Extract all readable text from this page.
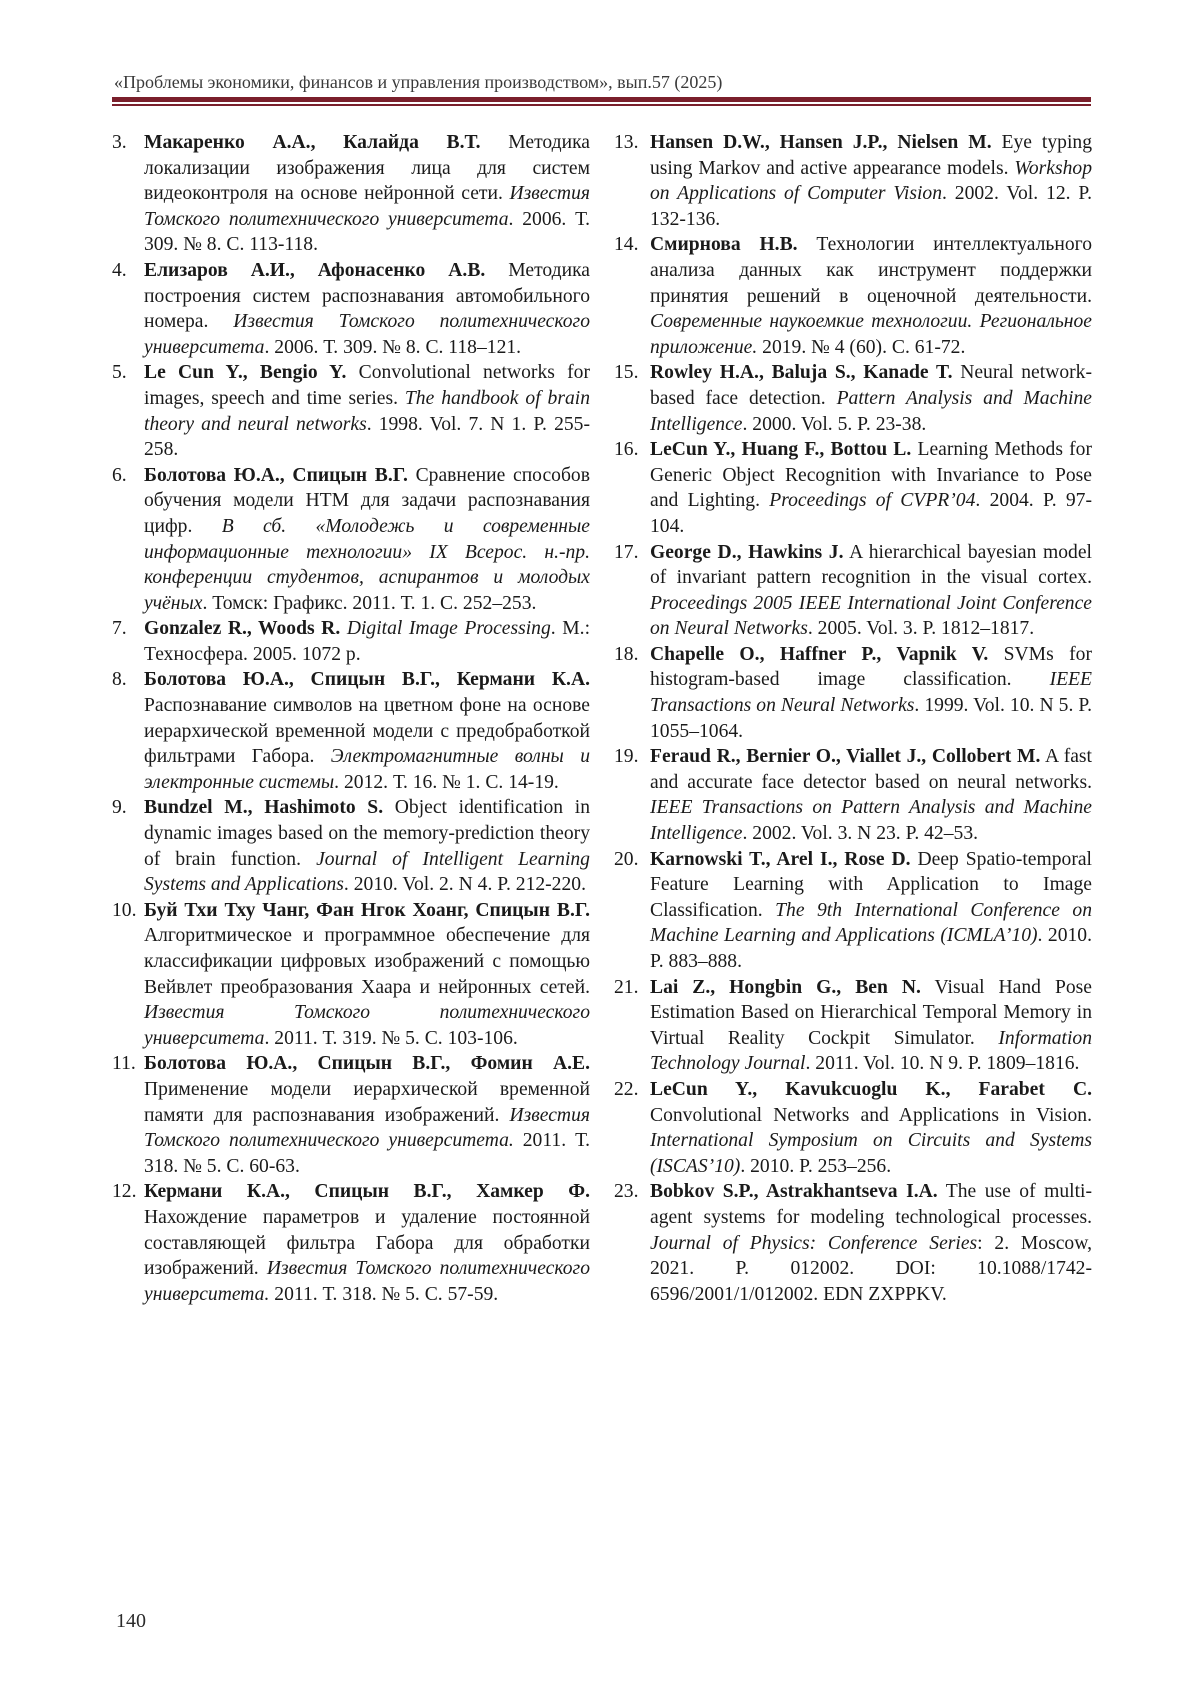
«Проблемы экономики, финансов и управления производством», вып.57 (2025)
3. Макаренко А.А., Калайда В.Т. Методика локализации изображения лица для систем видеоконтроля на основе нейронной сети. Известия Томского политехнического университета. 2006. Т. 309. № 8. С. 113-118.
4. Елизаров А.И., Афонасенко А.В. Методика построения систем распознавания автомобильного номера. Известия Томского политехнического университета. 2006. Т. 309. № 8. С. 118–121.
5. Le Cun Y., Bengio Y. Convolutional networks for images, speech and time series. The handbook of brain theory and neural networks. 1998. Vol. 7. N 1. P. 255-258.
6. Болотова Ю.А., Спицын В.Г. Сравнение способов обучения модели HTM для задачи распознавания цифр. В сб. «Молодежь и современные информационные технологии» IX Всерос. н.-пр. конференции студентов, аспирантов и молодых учёных. Томск: Графикс. 2011. Т. 1. С. 252–253.
7. Gonzalez R., Woods R. Digital Image Processing. М.: Техносфера. 2005. 1072 р.
8. Болотова Ю.А., Спицын В.Г., Кермани К.А. Распознавание символов на цветном фоне на основе иерархической временной модели с предобработкой фильтрами Габора. Электромагнитные волны и электронные системы. 2012. Т. 16. № 1. С. 14-19.
9. Bundzel M., Hashimoto S. Object identification in dynamic images based on the memory-prediction theory of brain function. Journal of Intelligent Learning Systems and Applications. 2010. Vol. 2. N 4. P. 212-220.
10. Буй Тхи Тху Чанг, Фан Нгок Хоанг, Спицын В.Г. Алгоритмическое и программное обеспечение для классификации цифровых изображений с помощью Вейвлет преобразования Хаара и нейронных сетей. Известия Томского политехнического университета. 2011. Т. 319. № 5. С. 103-106.
11. Болотова Ю.А., Спицын В.Г., Фомин А.Е. Применение модели иерархической временной памяти для распознавания изображений. Известия Томского политехнического университета. 2011. Т. 318. № 5. С. 60-63.
12. Кермани К.А., Спицын В.Г., Хамкер Ф. Нахождение параметров и удаление постоянной составляющей фильтра Габора для обработки изображений. Известия Томского политехнического университета. 2011. Т. 318. № 5. С. 57-59.
13. Hansen D.W., Hansen J.P., Nielsen M. Eye typing using Markov and active appearance models. Workshop on Applications of Computer Vision. 2002. Vol. 12. P. 132-136.
14. Смирнова Н.В. Технологии интеллектуального анализа данных как инструмент поддержки принятия решений в оценочной деятельности. Современные наукоемкие технологии. Региональное приложение. 2019. № 4 (60). С. 61-72.
15. Rowley H.A., Baluja S., Kanade T. Neural network-based face detection. Pattern Analysis and Machine Intelligence. 2000. Vol. 5. P. 23-38.
16. LeCun Y., Huang F., Bottou L. Learning Methods for Generic Object Recognition with Invariance to Pose and Lighting. Proceedings of CVPR’04. 2004. P. 97-104.
17. George D., Hawkins J. A hierarchical bayesian model of invariant pattern recognition in the visual cortex. Proceedings 2005 IEEE International Joint Conference on Neural Networks. 2005. Vol. 3. P. 1812–1817.
18. Chapelle O., Haffner P., Vapnik V. SVMs for histogram-based image classification. IEEE Transactions on Neural Networks. 1999. Vol. 10. N 5. P. 1055–1064.
19. Feraud R., Bernier O., Viallet J., Collobert M. A fast and accurate face detector based on neural networks. IEEE Transactions on Pattern Analysis and Machine Intelligence. 2002. Vol. 3. N 23. P. 42–53.
20. Karnowski T., Arel I., Rose D. Deep Spatio-temporal Feature Learning with Application to Image Classification. The 9th International Conference on Machine Learning and Applications (ICMLA’10). 2010. P. 883–888.
21. Lai Z., Hongbin G., Ben N. Visual Hand Pose Estimation Based on Hierarchical Temporal Memory in Virtual Reality Cockpit Simulator. Information Technology Journal. 2011. Vol. 10. N 9. P. 1809–1816.
22. LeCun Y., Kavukcuoglu K., Farabet C. Convolutional Networks and Applications in Vision. International Symposium on Circuits and Systems (ISCAS’10). 2010. P. 253–256.
23. Bobkov S.P., Astrakhantseva I.A. The use of multi-agent systems for modeling technological processes. Journal of Physics: Conference Series: 2. Moscow, 2021. P. 012002. DOI: 10.1088/1742-6596/2001/1/012002. EDN ZXPPKV.
140
